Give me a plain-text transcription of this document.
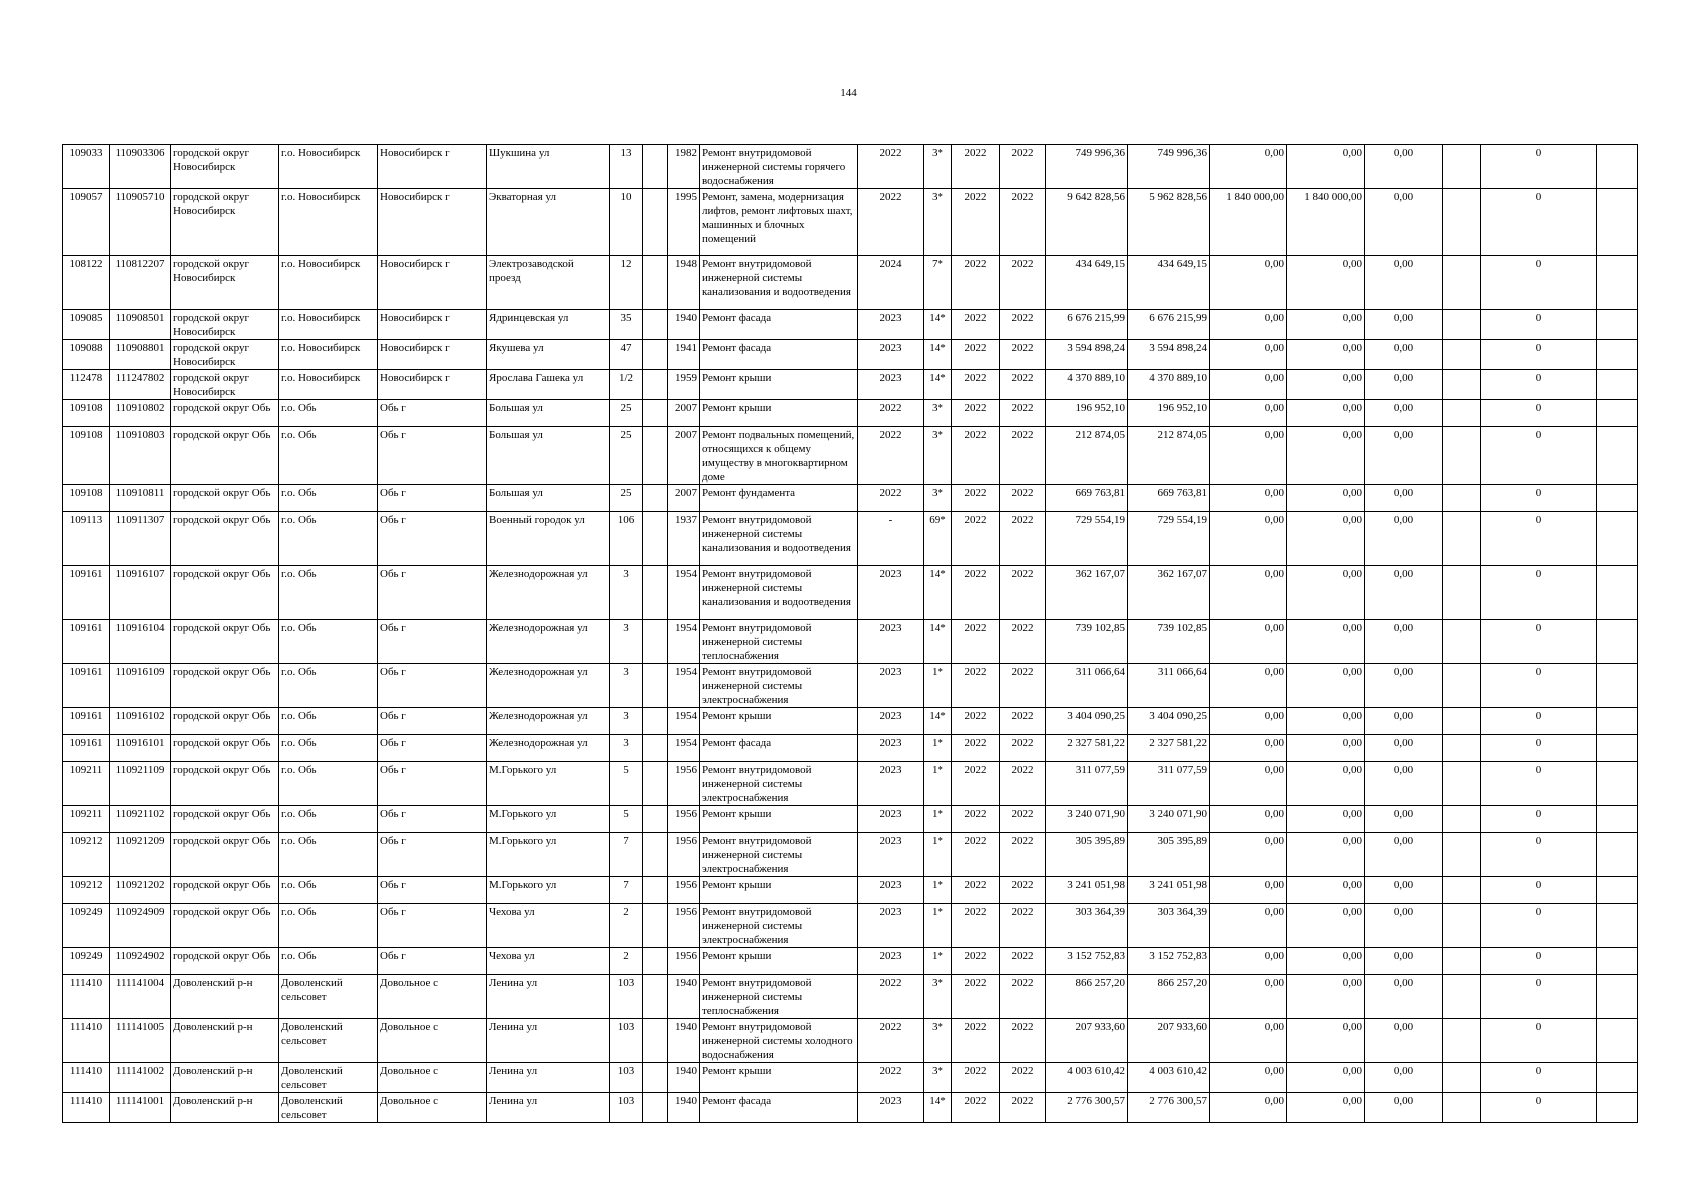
144
109033	110903306	городской округ Новосибирск	г.о. Новосибирск	Новосибирск г	Шукшина ул	13		1982	Ремонт внутридомовой инженерной системы горячего водоснабжения	2022	3*	2022	2022	749 996,36	749 996,36	0,00	0,00	0,00		0	
109057	110905710	городской округ Новосибирск	г.о. Новосибирск	Новосибирск г	Экваторная ул	10		1995	Ремонт, замена, модернизация лифтов, ремонт лифтовых шахт, машинных и блочных помещений	2022	3*	2022	2022	9 642 828,56	5 962 828,56	1 840 000,00	1 840 000,00	0,00		0	
108122	110812207	городской округ Новосибирск	г.о. Новосибирск	Новосибирск г	Электрозаводской проезд	12		1948	Ремонт внутридомовой инженерной системы канализования и водоотведения	2024	7*	2022	2022	434 649,15	434 649,15	0,00	0,00	0,00		0	
109085	110908501	городской округ Новосибирск	г.о. Новосибирск	Новосибирск г	Ядринцевская ул	35		1940	Ремонт фасада	2023	14*	2022	2022	6 676 215,99	6 676 215,99	0,00	0,00	0,00		0	
109088	110908801	городской округ Новосибирск	г.о. Новосибирск	Новосибирск г	Якушева ул	47		1941	Ремонт фасада	2023	14*	2022	2022	3 594 898,24	3 594 898,24	0,00	0,00	0,00		0	
112478	111247802	городской округ Новосибирск	г.о. Новосибирск	Новосибирск г	Ярослава Гашека ул	1/2		1959	Ремонт крыши	2023	14*	2022	2022	4 370 889,10	4 370 889,10	0,00	0,00	0,00		0	
109108	110910802	городской округ Обь	г.о. Обь	Обь г	Большая ул	25		2007	Ремонт крыши	2022	3*	2022	2022	196 952,10	196 952,10	0,00	0,00	0,00		0	
109108	110910803	городской округ Обь	г.о. Обь	Обь г	Большая ул	25		2007	Ремонт подвальных помещений, относящихся к общему имуществу в многоквартирном доме	2022	3*	2022	2022	212 874,05	212 874,05	0,00	0,00	0,00		0	
109108	110910811	городской округ Обь	г.о. Обь	Обь г	Большая ул	25		2007	Ремонт фундамента	2022	3*	2022	2022	669 763,81	669 763,81	0,00	0,00	0,00		0	
109113	110911307	городской округ Обь	г.о. Обь	Обь г	Военный городок ул	106		1937	Ремонт внутридомовой инженерной системы канализования и водоотведения	-	69*	2022	2022	729 554,19	729 554,19	0,00	0,00	0,00		0	
109161	110916107	городской округ Обь	г.о. Обь	Обь г	Железнодорожная ул	3		1954	Ремонт внутридомовой инженерной системы канализования и водоотведения	2023	14*	2022	2022	362 167,07	362 167,07	0,00	0,00	0,00		0	
109161	110916104	городской округ Обь	г.о. Обь	Обь г	Железнодорожная ул	3		1954	Ремонт внутридомовой инженерной системы теплоснабжения	2023	14*	2022	2022	739 102,85	739 102,85	0,00	0,00	0,00		0	
109161	110916109	городской округ Обь	г.о. Обь	Обь г	Железнодорожная ул	3		1954	Ремонт внутридомовой инженерной системы электроснабжения	2023	1*	2022	2022	311 066,64	311 066,64	0,00	0,00	0,00		0	
109161	110916102	городской округ Обь	г.о. Обь	Обь г	Железнодорожная ул	3		1954	Ремонт крыши	2023	14*	2022	2022	3 404 090,25	3 404 090,25	0,00	0,00	0,00		0	
109161	110916101	городской округ Обь	г.о. Обь	Обь г	Железнодорожная ул	3		1954	Ремонт фасада	2023	1*	2022	2022	2 327 581,22	2 327 581,22	0,00	0,00	0,00		0	
109211	110921109	городской округ Обь	г.о. Обь	Обь г	М.Горького ул	5		1956	Ремонт внутридомовой инженерной системы электроснабжения	2023	1*	2022	2022	311 077,59	311 077,59	0,00	0,00	0,00		0	
109211	110921102	городской округ Обь	г.о. Обь	Обь г	М.Горького ул	5		1956	Ремонт крыши	2023	1*	2022	2022	3 240 071,90	3 240 071,90	0,00	0,00	0,00		0	
109212	110921209	городской округ Обь	г.о. Обь	Обь г	М.Горького ул	7		1956	Ремонт внутридомовой инженерной системы электроснабжения	2023	1*	2022	2022	305 395,89	305 395,89	0,00	0,00	0,00		0	
109212	110921202	городской округ Обь	г.о. Обь	Обь г	М.Горького ул	7		1956	Ремонт крыши	2023	1*	2022	2022	3 241 051,98	3 241 051,98	0,00	0,00	0,00		0	
109249	110924909	городской округ Обь	г.о. Обь	Обь г	Чехова ул	2		1956	Ремонт внутридомовой инженерной системы электроснабжения	2023	1*	2022	2022	303 364,39	303 364,39	0,00	0,00	0,00		0	
109249	110924902	городской округ Обь	г.о. Обь	Обь г	Чехова ул	2		1956	Ремонт крыши	2023	1*	2022	2022	3 152 752,83	3 152 752,83	0,00	0,00	0,00		0	
111410	111141004	Доволенский р-н	Доволенский сельсовет	Довольное с	Ленина ул	103		1940	Ремонт внутридомовой инженерной системы теплоснабжения	2022	3*	2022	2022	866 257,20	866 257,20	0,00	0,00	0,00		0	
111410	111141005	Доволенский р-н	Доволенский сельсовет	Довольное с	Ленина ул	103		1940	Ремонт внутридомовой инженерной системы холодного водоснабжения	2022	3*	2022	2022	207 933,60	207 933,60	0,00	0,00	0,00		0	
111410	111141002	Доволенский р-н	Доволенский сельсовет	Довольное с	Ленина ул	103		1940	Ремонт крыши	2022	3*	2022	2022	4 003 610,42	4 003 610,42	0,00	0,00	0,00		0	
111410	111141001	Доволенский р-н	Доволенский сельсовет	Довольное с	Ленина ул	103		1940	Ремонт фасада	2023	14*	2022	2022	2 776 300,57	2 776 300,57	0,00	0,00	0,00		0	
